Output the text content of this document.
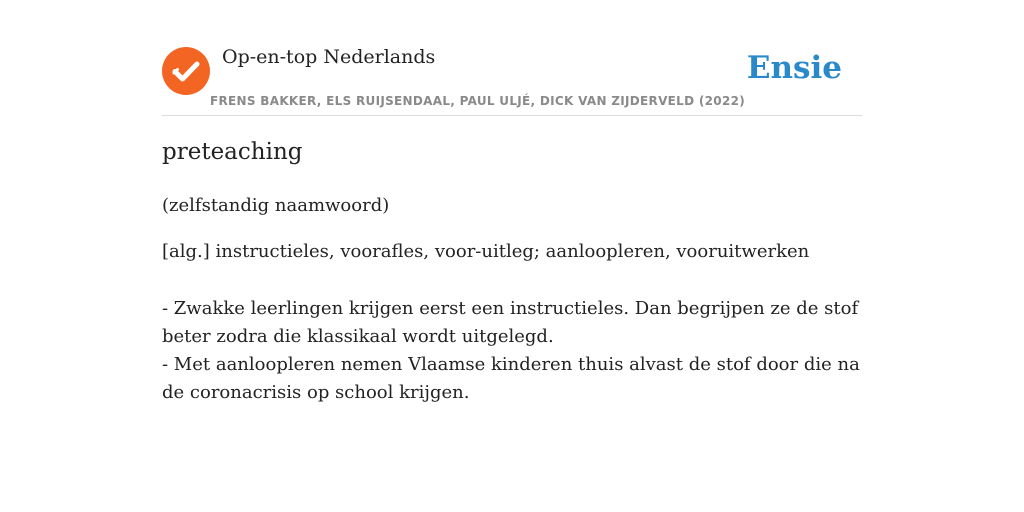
Op-en-top Nederlands
FRENS BAKKER, ELS RUIJSENDAAL, PAUL ULJÉ, DICK VAN ZIJDERVELD (2022)
Ensie
preteaching
(zelfstandig naamwoord)
[alg.] instructieles, voorafles, voor-uitleg; aanloopleren, vooruitwerken
- Zwakke leerlingen krijgen eerst een instructieles. Dan begrijpen ze de stof beter zodra die klassikaal wordt uitgelegd.
- Met aanloopleren nemen Vlaamse kinderen thuis alvast de stof door die na de coronacrisis op school krijgen.
